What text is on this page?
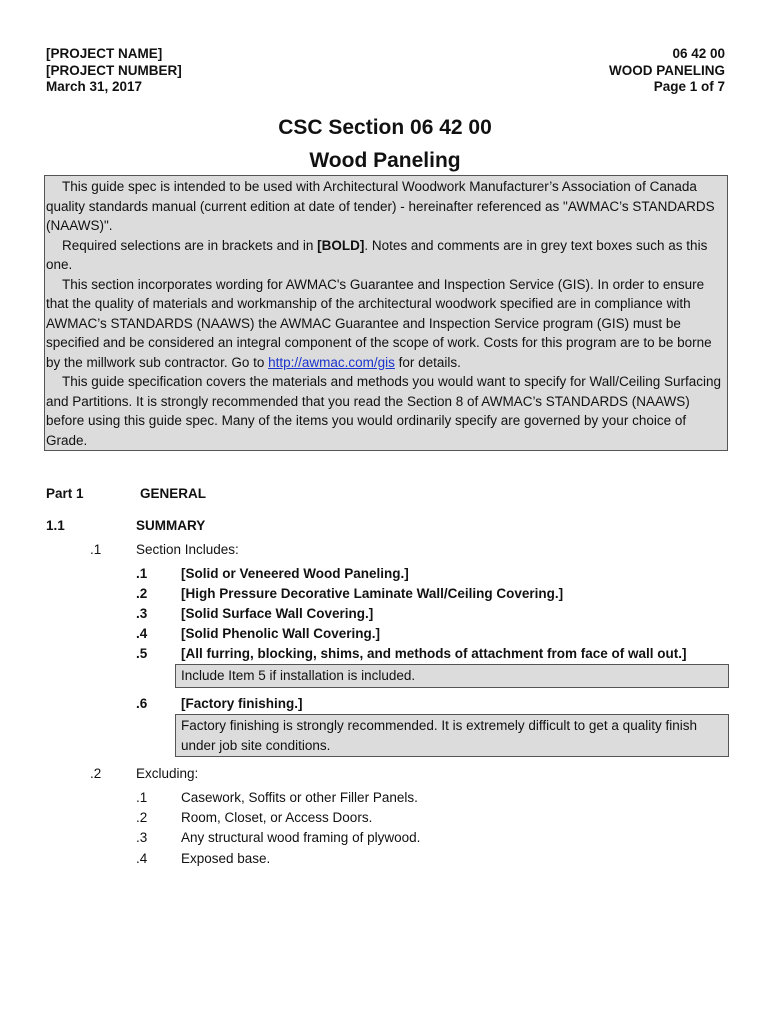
[PROJECT NAME]
[PROJECT NUMBER]
March 31, 2017
06 42 00
WOOD PANELING
Page 1 of 7
CSC Section 06 42 00
Wood Paneling

This guide spec is intended to be used with Architectural Woodwork Manufacturer’s Association of Canada quality standards manual (current edition at date of tender) - hereinafter referenced as "AWMAC’s STANDARDS (NAAWS)".

Required selections are in brackets and in [BOLD]. Notes and comments are in grey text boxes such as this one.

This section incorporates wording for AWMAC's Guarantee and Inspection Service (GIS). In order to ensure that the quality of materials and workmanship of the architectural woodwork specified are in compliance with AWMAC’s STANDARDS (NAAWS) the AWMAC Guarantee and Inspection Service program (GIS) must be specified and be considered an integral component of the scope of work. Costs for this program are to be borne by the millwork sub contractor. Go to http://awmac.com/gis for details.

This guide specification covers the materials and methods you would want to specify for Wall/Ceiling Surfacing and Partitions. It is strongly recommended that you read the Section 8 of AWMAC’s STANDARDS (NAAWS) before using this guide spec. Many of the items you would ordinarily specify are governed by your choice of Grade.

Part 1	GENERAL
1.1	SUMMARY
.1	Section Includes:
.1 [Solid or Veneered Wood Paneling.]
.2 [High Pressure Decorative Laminate Wall/Ceiling Covering.]
.3 [Solid Surface Wall Covering.]
.4 [Solid Phenolic Wall Covering.]
.5 [All furring, blocking, shims, and methods of attachment from face of wall out.]
Include Item 5 if installation is included.
.6 [Factory finishing.]
Factory finishing is strongly recommended. It is extremely difficult to get a quality finish under job site conditions.
.2	Excluding:
.1 Casework, Soffits or other Filler Panels.
.2 Room, Closet, or Access Doors.
.3 Any structural wood framing of plywood.
.4 Exposed base.
